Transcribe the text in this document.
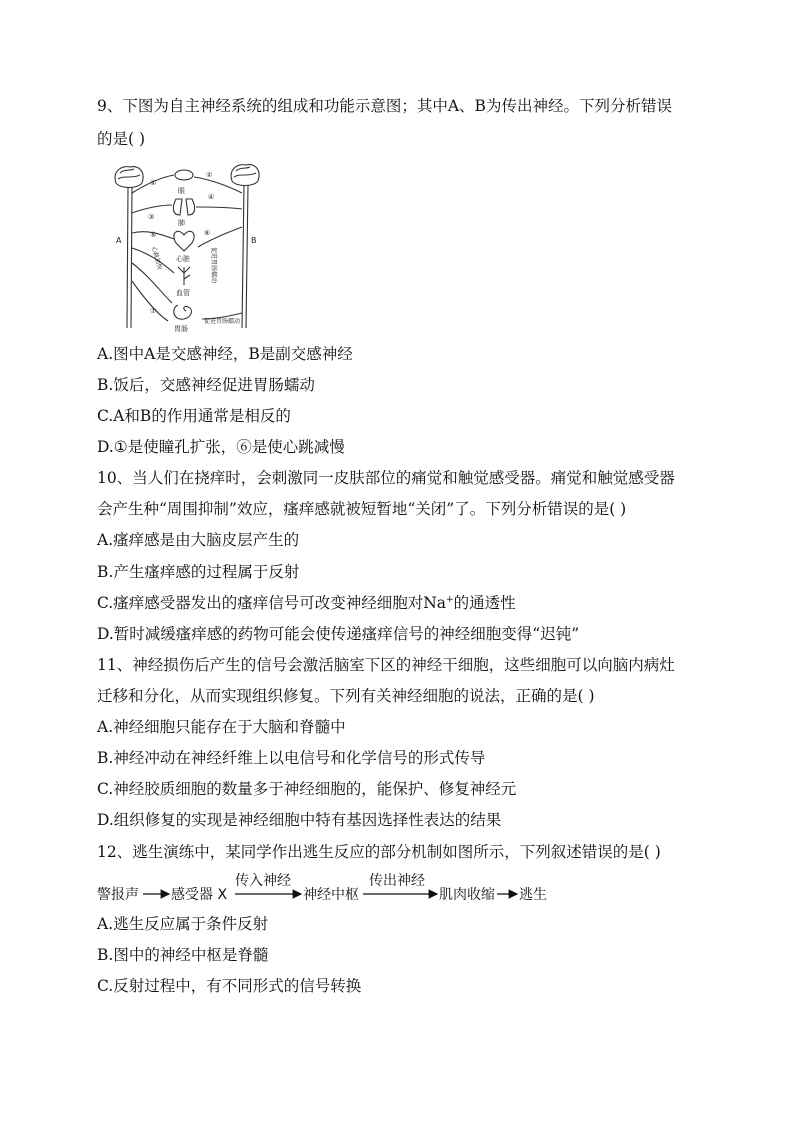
9、下图为自主神经系统的组成和功能示意图；其中A、B为传出神经。下列分析错误
的是( )
A	B
①
②
③
④
⑤	⑥
⑦
眼
肺
心脏
血管
胃肠
促进胃肠蠕动
心跳加快	促进胃肠蠕动
A.图中A是交感神经，B是副交感神经
B.饭后，交感神经促进胃肠蠕动
C.A和B的作用通常是相反的
D.①是使瞳孔扩张，⑥是使心跳减慢
10、当人们在挠痒时，会刺激同一皮肤部位的痛觉和触觉感受器。痛觉和触觉感受器
会产生种“周围抑制”效应，瘙痒感就被短暂地“关闭”了。下列分析错误的是( )
A.瘙痒感是由大脑皮层产生的
B.产生瘙痒感的过程属于反射
C.瘙痒感受器发出的瘙痒信号可改变神经细胞对Na+的通透性
D.暂时减缓瘙痒感的药物可能会使传递瘙痒信号的神经细胞变得“迟钝”
11、神经损伤后产生的信号会激活脑室下区的神经干细胞，这些细胞可以向脑内病灶
迁移和分化，从而实现组织修复。下列有关神经细胞的说法，正确的是( )
A.神经细胞只能存在于大脑和脊髓中
B.神经冲动在神经纤维上以电信号和化学信号的形式传导
C.神经胶质细胞的数量多于神经细胞的，能保护、修复神经元
D.组织修复的实现是神经细胞中特有基因选择性表达的结果
12、逃生演练中，某同学作出逃生反应的部分机制如图所示，下列叙述错误的是( )
警报声 感受器 X
传入神经
神经中枢
传出神经
肌肉收缩 逃生
A.逃生反应属于条件反射
B.图中的神经中枢是脊髓
C.反射过程中，有不同形式的信号转换
